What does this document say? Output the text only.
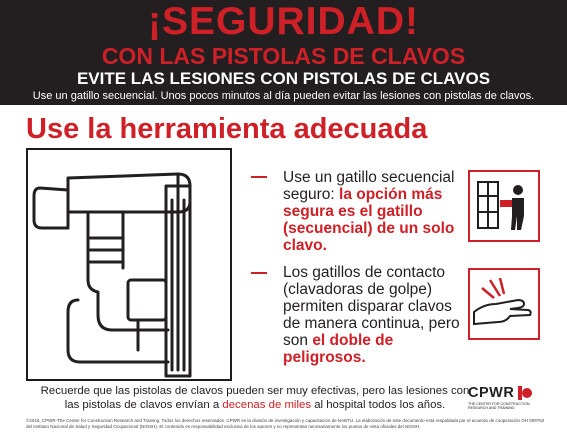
¡SEGURIDAD!
CON LAS PISTOLAS DE CLAVOS
EVITE LAS LESIONES CON PISTOLAS DE CLAVOS
Use un gatillo secuencial. Unos pocos minutos al día pueden evitar las lesiones con pistolas de clavos.
Use la herramienta adecuada
Use un gatillo secuencial seguro: la opción más segura es el gatillo (secuencial) de un solo clavo.
Los gatillos de contacto (clavadoras de golpe) permiten disparar clavos de manera continua, pero son el doble de peligrosos.
Recuerde que las pistolas de clavos pueden ser muy efectivas, pero las lesiones con las pistolas de clavos envían a decenas de miles al hospital todos los años.
CPWR
THE CENTER FOR CONSTRUCTION RESEARCH AND TRAINING
©2018, CPWR-The Center for Construction Research and Training. Todos los derechos reservados. CPWR es la división de investigación y capacitación de NABTU. La elaboración de este documento está respaldada por el acuerdo de cooperación OH 009762 del Instituto Nacional de Salud y Seguridad Ocupacional (NIOSH). El contenido es responsabilidad exclusiva de los autores y no representan necesariamente los puntos de vista oficiales del NIOSH.
